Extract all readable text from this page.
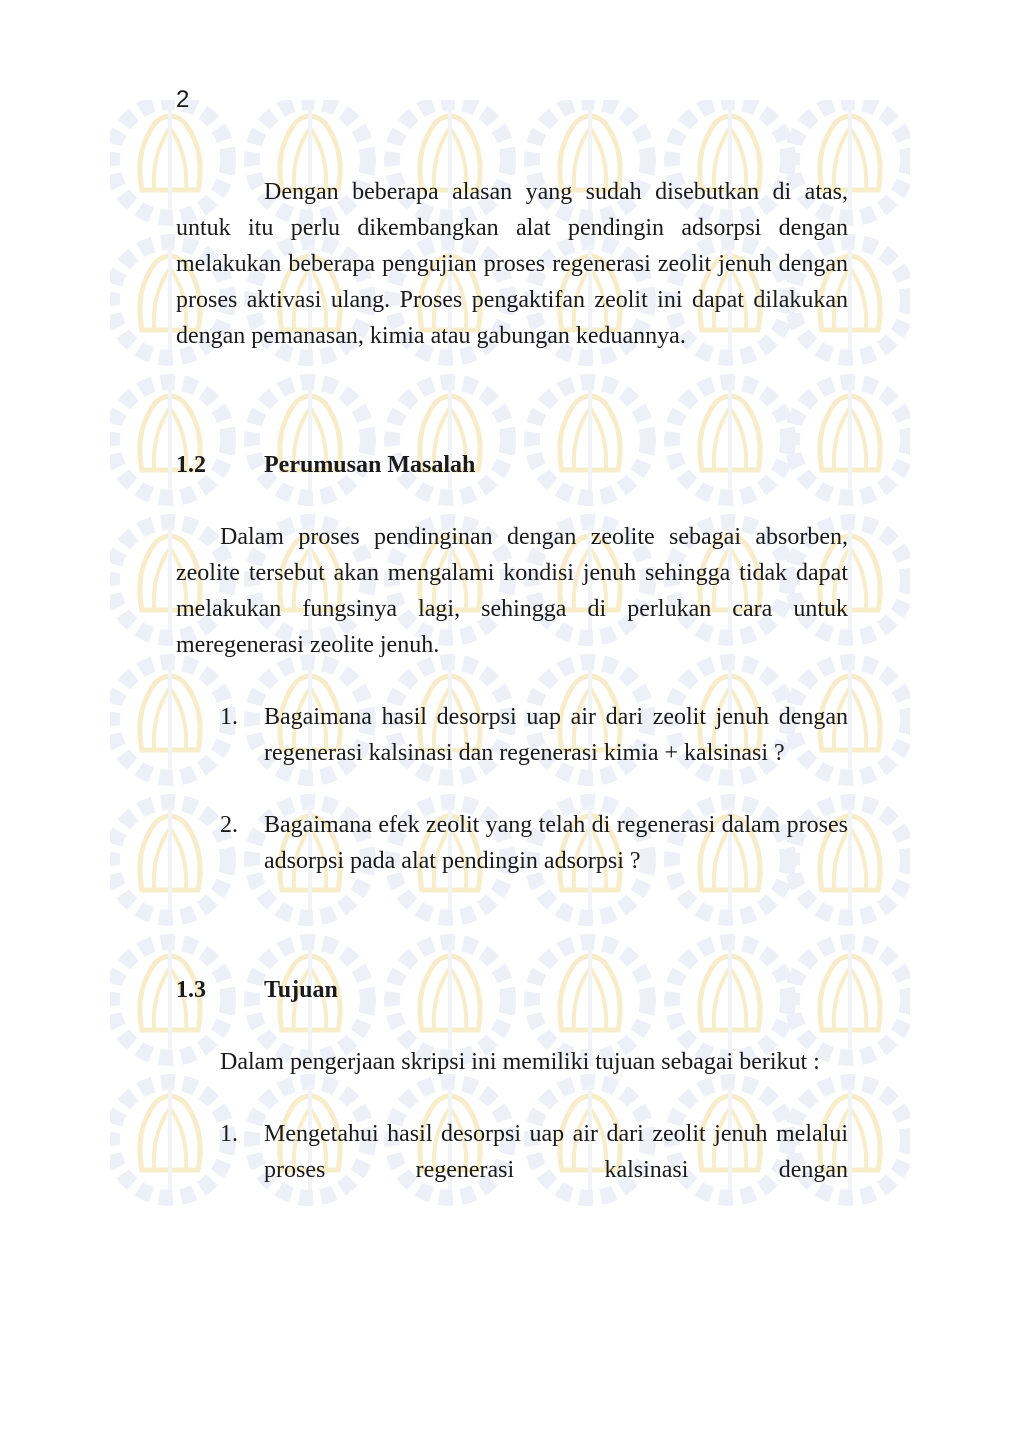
2

Dengan beberapa alasan yang sudah disebutkan di atas, untuk itu perlu dikembangkan alat pendingin adsorpsi dengan melakukan beberapa pengujian proses regenerasi zeolit jenuh dengan proses aktivasi ulang. Proses pengaktifan zeolit ini dapat dilakukan dengan pemanasan, kimia atau gabungan keduannya.

1.2	Perumusan Masalah

Dalam proses pendinginan dengan zeolite sebagai absorben, zeolite tersebut akan mengalami kondisi jenuh sehingga tidak dapat melakukan fungsinya lagi, sehingga di perlukan cara untuk meregenerasi zeolite jenuh.

1.	Bagaimana hasil desorpsi uap air dari zeolit jenuh dengan regenerasi kalsinasi dan regenerasi kimia + kalsinasi ?
2.	Bagaimana efek zeolit yang telah di regenerasi dalam proses adsorpsi pada alat pendingin adsorpsi ?
1.3	Tujuan

Dalam pengerjaan skripsi ini memiliki tujuan sebagai berikut :

1.	Mengetahui hasil desorpsi uap air dari zeolit jenuh melalui proses regenerasi kalsinasi dengan
